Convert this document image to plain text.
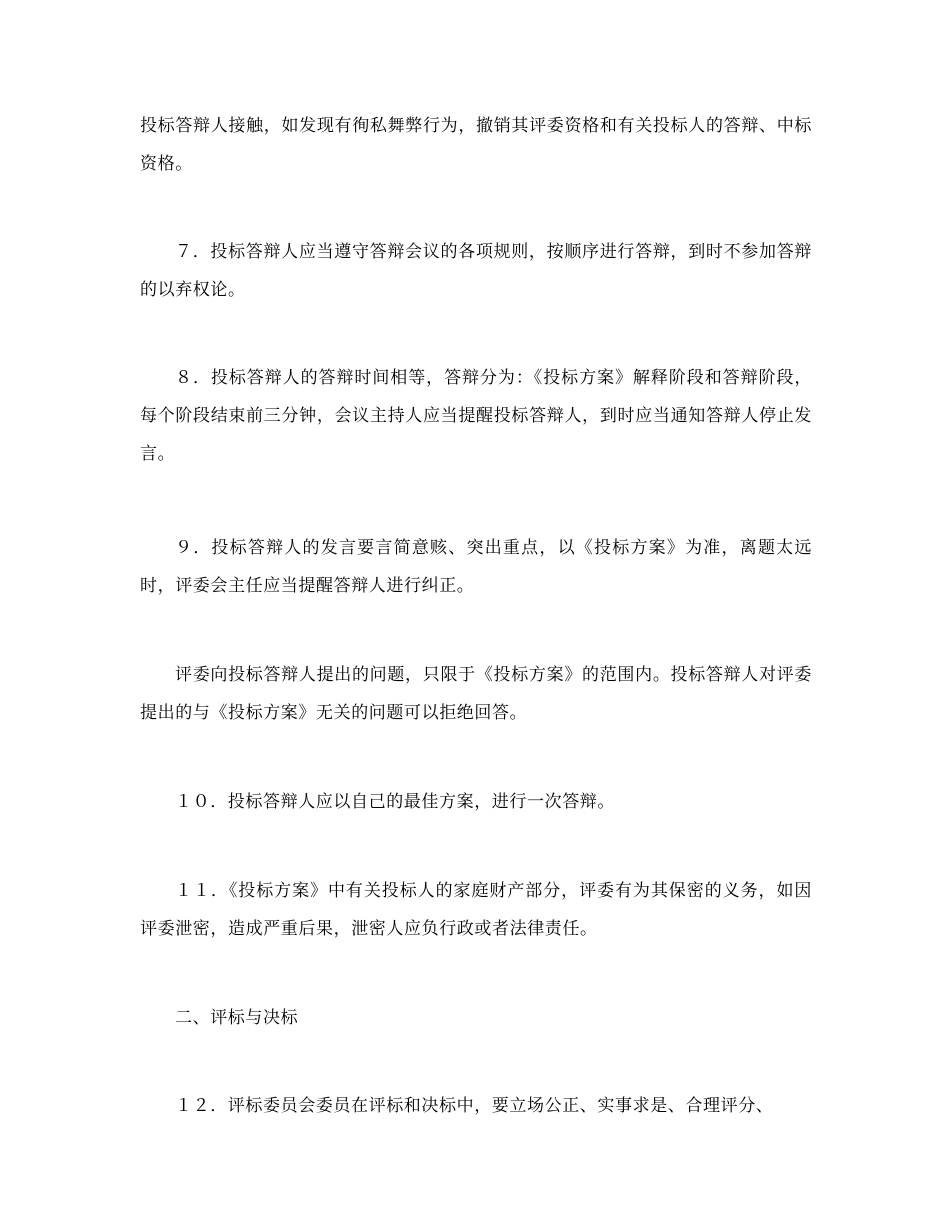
投标答辩人接触，如发现有徇私舞弊行为，撤销其评委资格和有关投标人的答辩、中标资格。

７．投标答辩人应当遵守答辩会议的各项规则，按顺序进行答辩，到时不参加答辩的以弃权论。

８．投标答辩人的答辩时间相等，答辩分为：《投标方案》解释阶段和答辩阶段，每个阶段结束前三分钟，会议主持人应当提醒投标答辩人，到时应当通知答辩人停止发言。

９．投标答辩人的发言要言简意赅、突出重点，以《投标方案》为准，离题太远时，评委会主任应当提醒答辩人进行纠正。

评委向投标答辩人提出的问题，只限于《投标方案》的范围内。投标答辩人对评委提出的与《投标方案》无关的问题可以拒绝回答。

１０．投标答辩人应以自己的最佳方案，进行一次答辩。

１１．《投标方案》中有关投标人的家庭财产部分，评委有为其保密的义务，如因评委泄密，造成严重后果，泄密人应负行政或者法律责任。

二、评标与决标

１２．评标委员会委员在评标和决标中，要立场公正、实事求是、合理评分、
